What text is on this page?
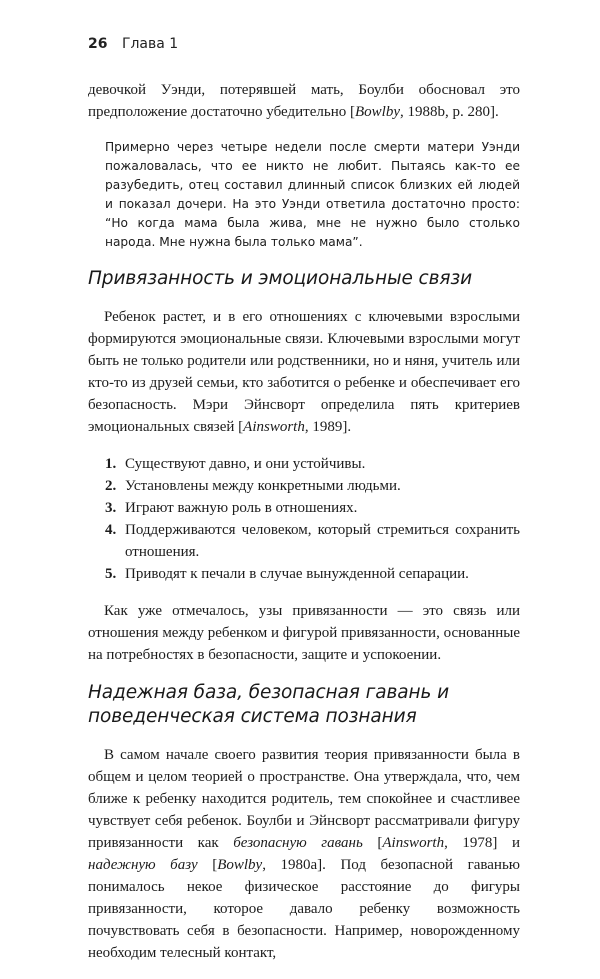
26 Глава 1

девочкой Уэнди, потерявшей мать, Боулби обосновал это предположение достаточно убедительно [Bowlby, 1988b, p. 280].

Примерно через четыре недели после смерти матери Уэнди пожаловалась, что ее никто не любит. Пытаясь как-то ее разубедить, отец составил длинный список близких ей людей и показал дочери. На это Уэнди ответила достаточно просто: “Но когда мама была жива, мне не нужно было столько народа. Мне нужна была только мама”.

Привязанность и эмоциональные связи

Ребенок растет, и в его отношениях с ключевыми взрослыми формируются эмоциональные связи. Ключевыми взрослыми могут быть не только родители или родственники, но и няня, учитель или кто-то из друзей семьи, кто заботится о ребенке и обеспечивает его безопасность. Мэри Эйнсворт определила пять критериев эмоциональных связей [Ainsworth, 1989].

1. Существуют давно, и они устойчивы.
2. Установлены между конкретными людьми.
3. Играют важную роль в отношениях.
4. Поддерживаются человеком, который стремиться сохранить отношения.
5. Приводят к печали в случае вынужденной сепарации.

Как уже отмечалось, узы привязанности — это связь или отношения между ребенком и фигурой привязанности, основанные на потребностях в безопасности, защите и успокоении.

Надежная база, безопасная гавань и поведенческая система познания

В самом начале своего развития теория привязанности была в общем и целом теорией о пространстве. Она утверждала, что, чем ближе к ребенку находится родитель, тем спокойнее и счастливее чувствует себя ребенок. Боулби и Эйнсворт рассматривали фигуру привязанности как безопасную гавань [Ainsworth, 1978] и надежную базу [Bowlby, 1980a]. Под безопасной гаванью понималось некое физическое расстояние до фигуры привязанности, которое давало ребенку возможность почувствовать себя в безопасности. Например, новорожденному необходим телесный контакт,
